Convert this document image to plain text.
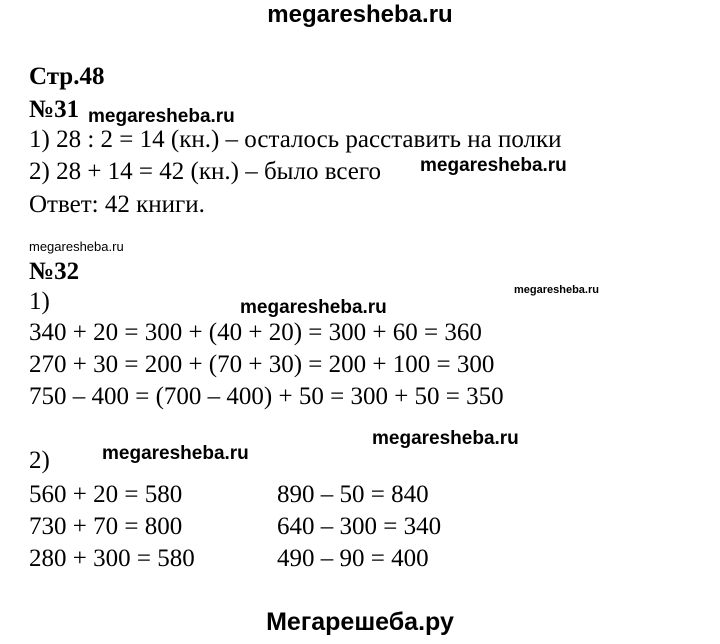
megaresheba.ru
Стр.48
№31 megaresheba.ru
1) 28 : 2 = 14 (кн.) – осталось расставить на полки
2) 28 + 14 = 42 (кн.) – было всего megaresheba.ru
Ответ: 42 книги.
megaresheba.ru
№32
megaresheba.ru
1)	megaresheba.ru
340 + 20 = 300 + (40 + 20) = 300 + 60 = 360
270 + 30 = 200 + (70 + 30) = 200 + 100 = 300
750 – 400 = (700 – 400) + 50 = 300 + 50 = 350
megaresheba.ru
2)	megaresheba.ru
560 + 20 = 580
730 + 70 = 800
280 + 300 = 580
890 – 50 = 840
640 – 300 = 340
490 – 90 = 400
Мегарешеба.ру
